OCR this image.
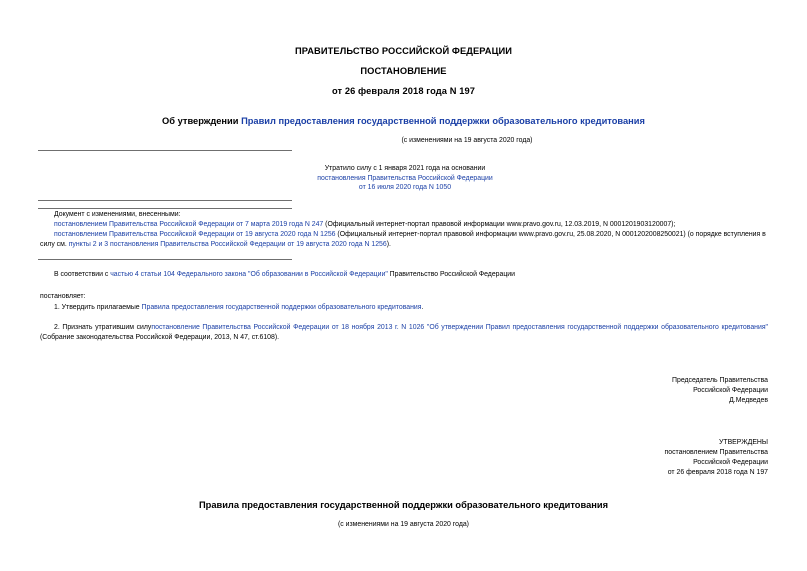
ПРАВИТЕЛЬСТВО РОССИЙСКОЙ ФЕДЕРАЦИИ
ПОСТАНОВЛЕНИЕ
от 26 февраля 2018 года N 197
Об утверждении Правил предоставления государственной поддержки образовательного кредитования
(с изменениями на 19 августа 2020 года)
Утратило силу с 1 января 2021 года на основании
постановления Правительства Российской Федерации
от 16 июля 2020 года N 1050
Документ с изменениями, внесенными:
постановлением Правительства Российской Федерации от 7 марта 2019 года N 247 (Официальный интернет-портал правовой информации www.pravo.gov.ru, 12.03.2019, N 0001201903120007);
постановлением Правительства Российской Федерации от 19 августа 2020 года N 1256 (Официальный интернет-портал правовой информации www.pravo.gov.ru, 25.08.2020, N 0001202008250021) (о порядке вступления в силу см. пункты 2 и 3 постановления Правительства Российской Федерации от 19 августа 2020 года N 1256).
В соответствии с частью 4 статьи 104 Федерального закона "Об образовании в Российской Федерации" Правительство Российской Федерации
постановляет:
1. Утвердить прилагаемые Правила предоставления государственной поддержки образовательного кредитования.
2. Признать утратившим силупостановление Правительства Российской Федерации от 18 ноября 2013 г. N 1026 "Об утверждении Правил предоставления государственной поддержки образовательного кредитования" (Собрание законодательства Российской Федерации, 2013, N 47, ст.6108).
Председатель Правительства
Российской Федерации
Д.Медведев
УТВЕРЖДЕНЫ
постановлением Правительства
Российской Федерации
от 26 февраля 2018 года N 197
Правила предоставления государственной поддержки образовательного кредитования
(с изменениями на 19 августа 2020 года)
